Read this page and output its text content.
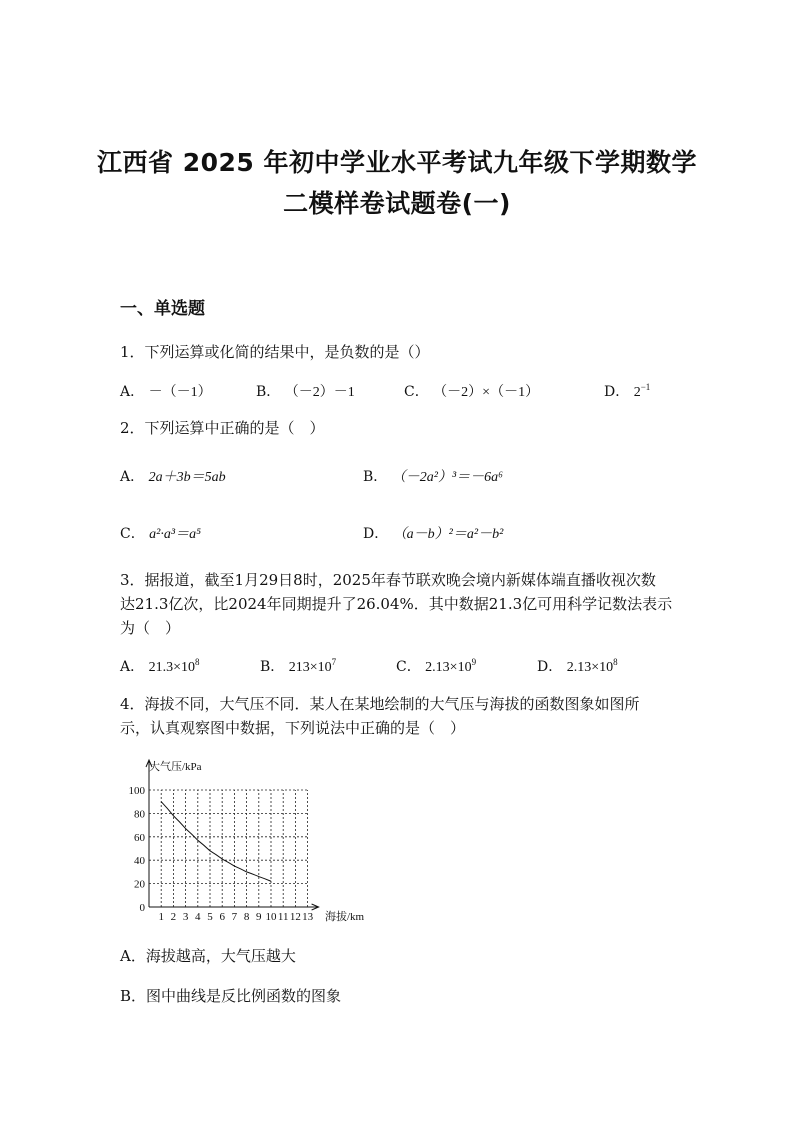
江西省 2025 年初中学业水平考试九年级下学期数学
二模样卷试题卷(一)
一、单选题
1．下列运算或化简的结果中，是负数的是（）
A． －（－1）	B． （－2）－1	C． （－2）×（－1）	D． $2^{-1}$
2．下列运算中正确的是（　）
A． 2a＋3b＝5ab	B． （－2a²）³＝－6a⁶
C． a²·a³＝a⁵	D． （a－b）²＝a²－b²
3．据报道，截至1月29日8时，2025年春节联欢晚会境内新媒体端直播收视次数
达21.3亿次，比2024年同期提升了26.04%．其中数据21.3亿可用科学记数法表示
为（　）
A． $21.3\times 10^8$	B． $213\times 10^7$	C． $2.13\times 10^9$	D． $2.13\times 10^8$
4．海拔不同，大气压不同．某人在某地绘制的大气压与海拔的函数图象如图所
示，认真观察图中数据，下列说法中正确的是（　）
0
20
40
60
80
100
1 2 3 4 5 6 7 8 9 10 11 12 13
大气压/kPa
海拔/km
A．海拔越高，大气压越大
B．图中曲线是反比例函数的图象
